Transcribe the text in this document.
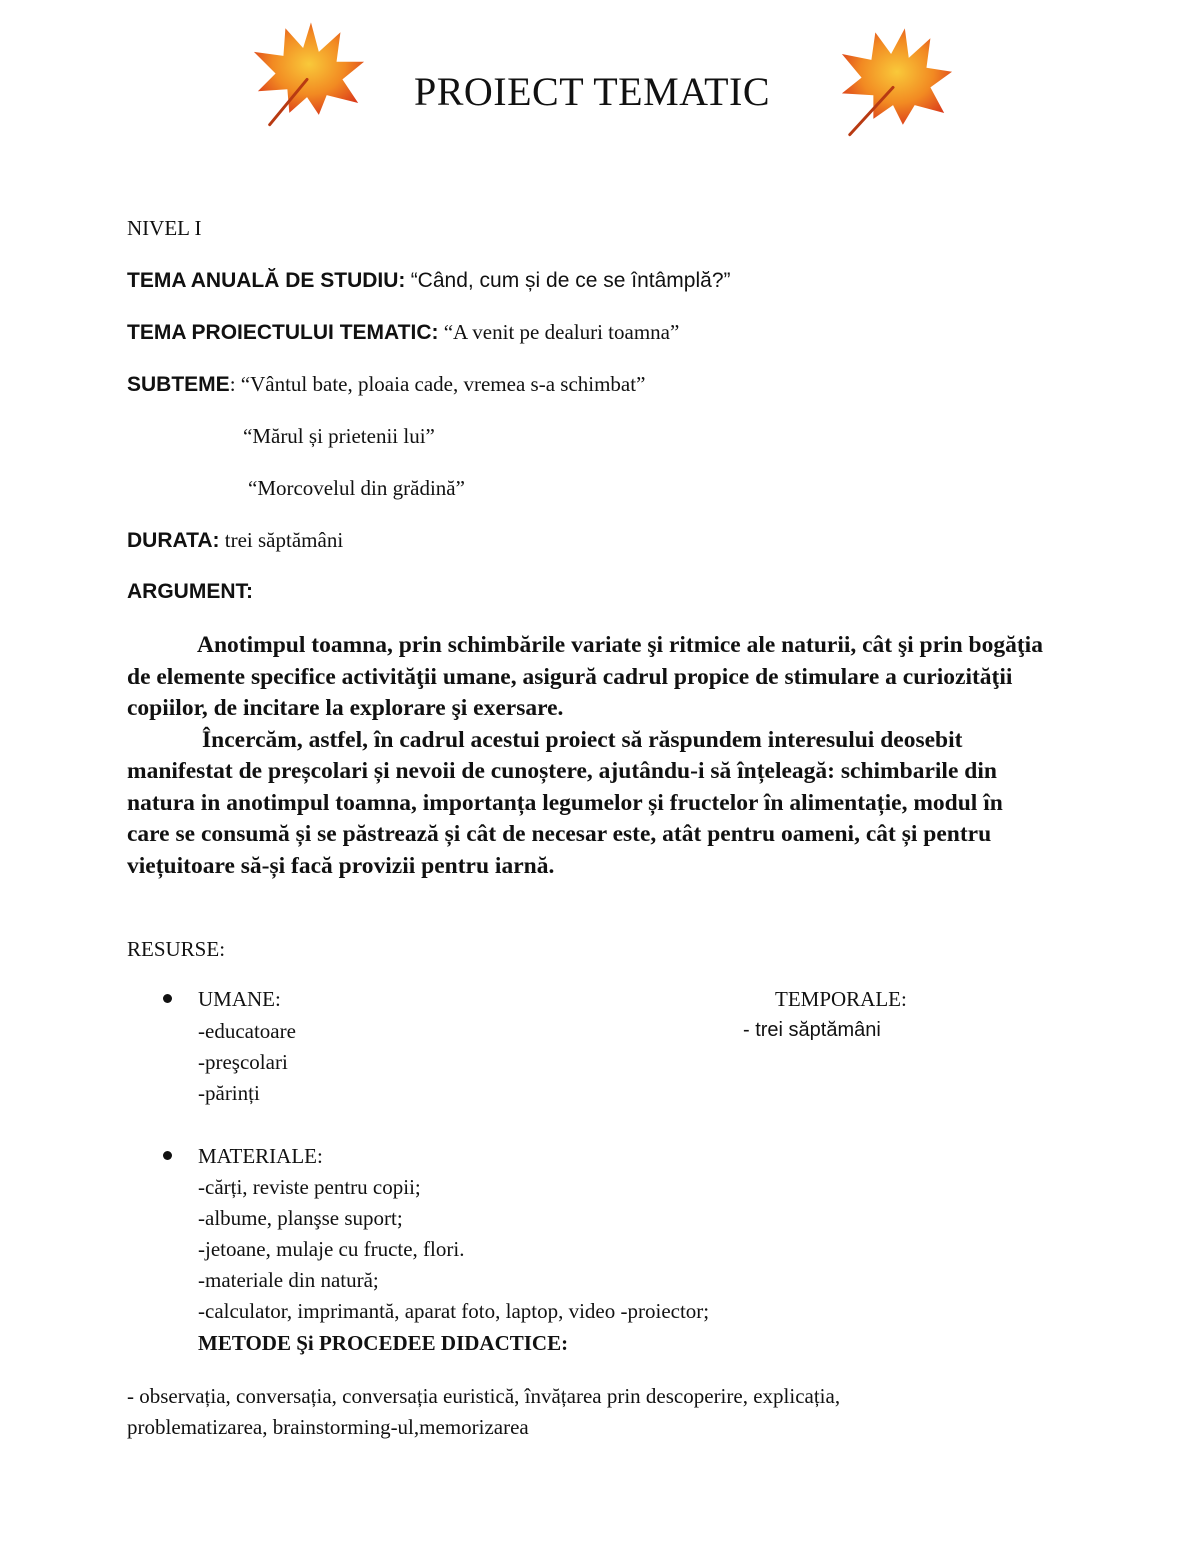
PROIECT TEMATIC
NIVEL I
TEMA ANUALĂ DE STUDIU: “Când, cum și de ce se întâmplă?”
TEMA PROIECTULUI TEMATIC: “A venit pe dealuri toamna”
SUBTEME: “Vântul bate, ploaia cade, vremea s-a schimbat”
“Mărul și prietenii lui”
“Morcovelul din grădină”
DURATA: trei săptămâni
ARGUMENT:

Anotimpul toamna, prin schimbările variate şi ritmice ale naturii, cât şi prin bogăţia de elemente specifice activităţii umane, asigură cadrul propice de stimulare a curiozităţii copiilor, de incitare la explorare şi exersare.

Încercăm, astfel, în cadrul acestui proiect să răspundem interesului deosebit manifestat de preșcolari și nevoii de cunoștere, ajutându-i să înțeleagă: schimbarile din natura in anotimpul toamna, importanța legumelor și fructelor în alimentație, modul în care se consumă și se păstrează și cât de necesar este, atât pentru oameni, cât și pentru viețuitoare să-și facă provizii pentru iarnă.

RESURSE:
UMANE:	TEMPORALE:
-educatoare	- trei săptămâni
-preşcolari
-părinți
MATERIALE:
-cărți, reviste pentru copii;
-albume, planşse suport;
-jetoane, mulaje cu fructe, flori.
-materiale din natură;
-calculator, imprimantă, aparat foto, laptop, video -proiector;
METODE Şi PROCEDEE DIDACTICE:
- observația, conversația, conversația euristică, învățarea prin descoperire, explicația,
problematizarea, brainstorming-ul,memorizarea
